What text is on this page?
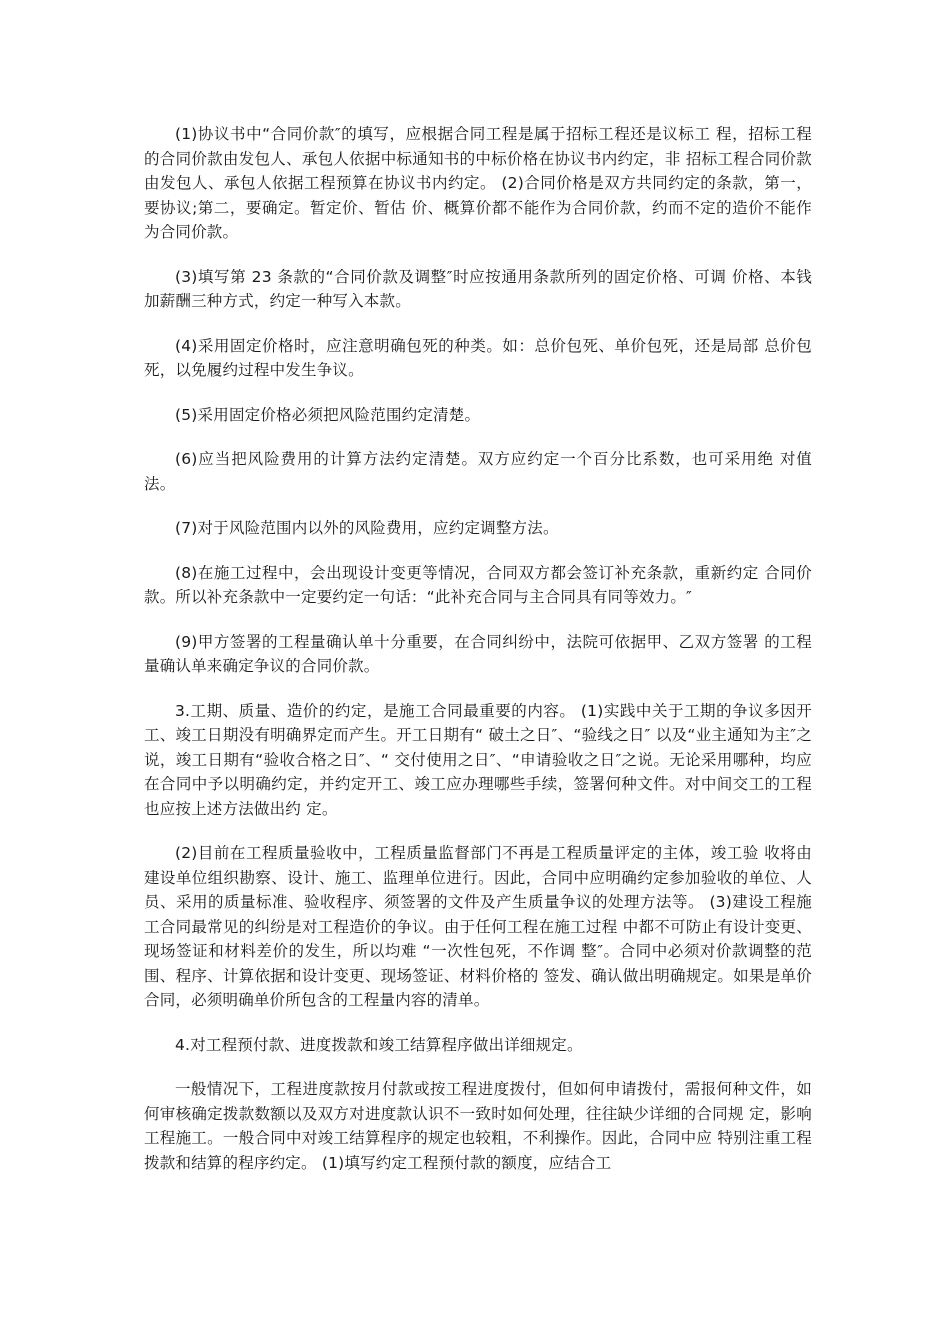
(1)协议书中“合同价款″的填写，应根据合同工程是属于招标工程还是议标工 程，招标工程的合同价款由发包人、承包人依据中标通知书的中标价格在协议书内约定，非 招标工程合同价款由发包人、承包人依据工程预算在协议书内约定。 (2)合同价格是双方共同约定的条款，第一，要协议;第二，要确定。暂定价、暂估 价、概算价都不能作为合同价款，约而不定的造价不能作为合同价款。

(3)填写第 23 条款的“合同价款及调整″时应按通用条款所列的固定价格、可调 价格、本钱加薪酬三种方式，约定一种写入本款。

(4)采用固定价格时，应注意明确包死的种类。如：总价包死、单价包死，还是局部 总价包死，以免履约过程中发生争议。

(5)采用固定价格必须把风险范围约定清楚。

(6)应当把风险费用的计算方法约定清楚。双方应约定一个百分比系数，也可采用绝 对值法。

(7)对于风险范围内以外的风险费用，应约定调整方法。

(8)在施工过程中，会出现设计变更等情况，合同双方都会签订补充条款，重新约定 合同价款。所以补充条款中一定要约定一句话：“此补充合同与主合同具有同等效力。″

(9)甲方签署的工程量确认单十分重要，在合同纠纷中，法院可依据甲、乙双方签署 的工程量确认单来确定争议的合同价款。

3.工期、质量、造价的约定，是施工合同最重要的内容。 (1)实践中关于工期的争议多因开工、竣工日期没有明确界定而产生。开工日期有“ 破土之日″、“验线之日″ 以及“业主通知为主″之说，竣工日期有“验收合格之日″、“ 交付使用之日″、“申请验收之日″之说。无论采用哪种，均应在合同中予以明确约定，并约定开工、竣工应办理哪些手续，签署何种文件。对中间交工的工程也应按上述方法做出约 定。

(2)目前在工程质量验收中，工程质量监督部门不再是工程质量评定的主体，竣工验 收将由建设单位组织勘察、设计、施工、监理单位进行。因此，合同中应明确约定参加验收的单位、人员、采用的质量标准、验收程序、须签署的文件及产生质量争议的处理方法等。 (3)建设工程施工合同最常见的纠纷是对工程造价的争议。由于任何工程在施工过程 中都不可防止有设计变更、现场签证和材料差价的发生，所以均难 “一次性包死，不作调 整″。合同中必须对价款调整的范围、程序、计算依据和设计变更、现场签证、材料价格的 签发、确认做出明确规定。如果是单价合同，必须明确单价所包含的工程量内容的清单。

4.对工程预付款、进度拨款和竣工结算程序做出详细规定。

一般情况下，工程进度款按月付款或按工程进度拨付，但如何申请拨付，需报何种文件，如何审核确定拨款数额以及双方对进度款认识不一致时如何处理，往往缺少详细的合同规 定，影响工程施工。一般合同中对竣工结算程序的规定也较粗，不利操作。因此，合同中应 特别注重工程拨款和结算的程序约定。 (1)填写约定工程预付款的额度，应结合工
